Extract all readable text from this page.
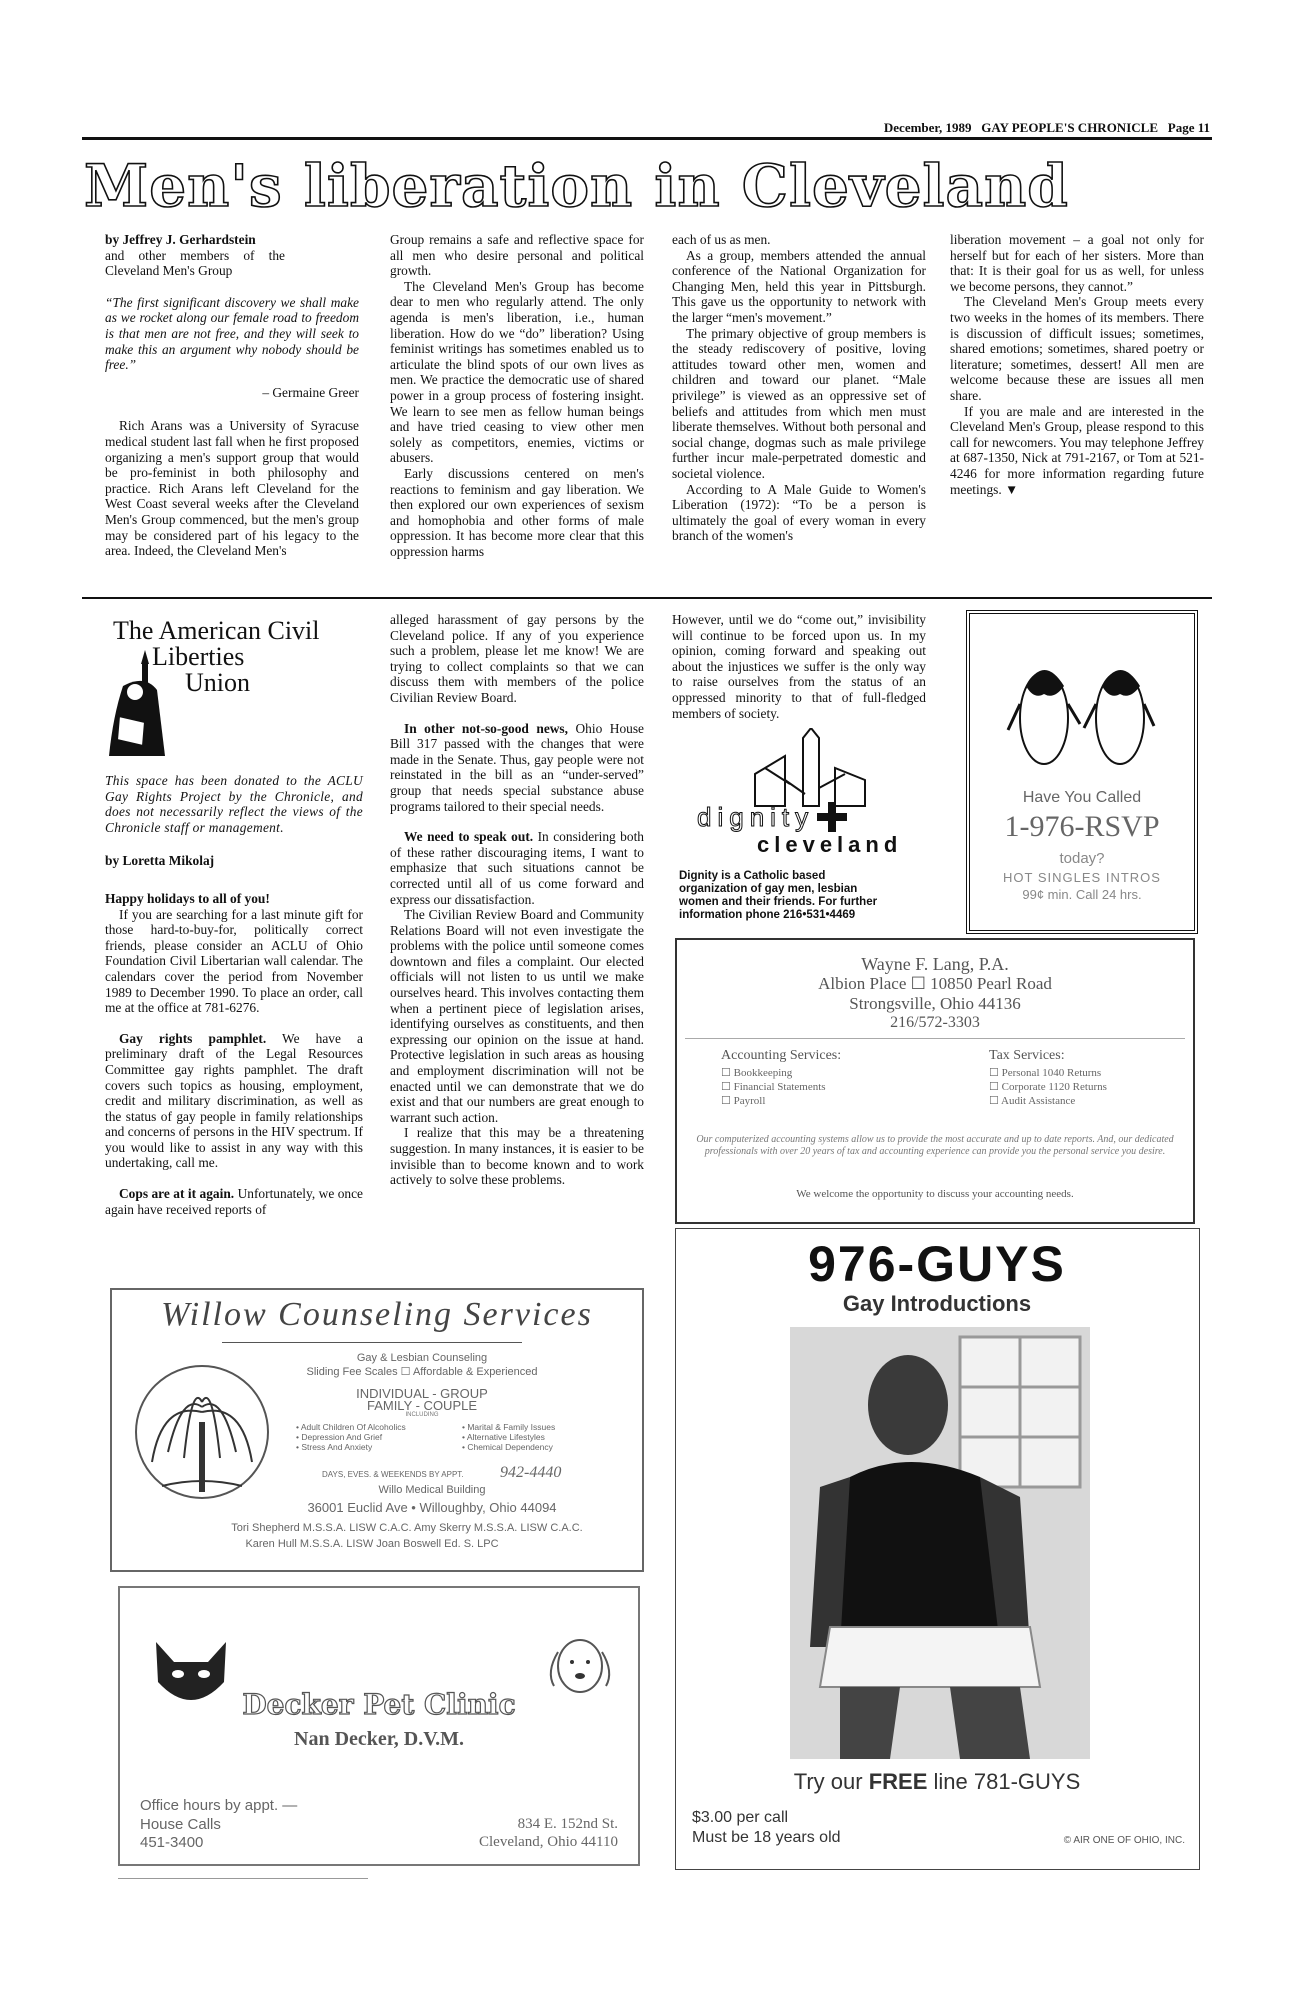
December, 1989 GAY PEOPLE'S CHRONICLE Page 11
Men's liberation in Cleveland

by Jeffrey J. Gerhardstein

and other members of the Cleveland Men's Group

“The first significant discovery we shall make as we rocket along our female road to freedom is that men are not free, and they will seek to make this an argument why nobody should be free.”

– Germaine Greer

Rich Arans was a University of Syracuse medical student last fall when he first proposed organizing a men's support group that would be pro-feminist in both philosophy and practice. Rich Arans left Cleveland for the West Coast several weeks after the Cleveland Men's Group commenced, but the men's group may be considered part of his legacy to the area. Indeed, the Cleveland Men's

Group remains a safe and reflective space for all men who desire personal and political growth.

The Cleveland Men's Group has become dear to men who regularly attend. The only agenda is men's liberation, i.e., human liberation. How do we “do” liberation? Using feminist writings has sometimes enabled us to articulate the blind spots of our own lives as men. We practice the democratic use of shared power in a group process of fostering insight. We learn to see men as fellow human beings and have tried ceasing to view other men solely as competitors, enemies, victims or abusers.

Early discussions centered on men's reactions to feminism and gay liberation. We then explored our own experiences of sexism and homophobia and other forms of male oppression. It has become more clear that this oppression harms

each of us as men.

As a group, members attended the annual conference of the National Organization for Changing Men, held this year in Pittsburgh. This gave us the opportunity to network with the larger “men's movement.”

The primary objective of group members is the steady rediscovery of positive, loving attitudes toward other men, women and children and toward our planet. “Male privilege” is viewed as an oppressive set of beliefs and attitudes from which men must liberate themselves. Without both personal and social change, dogmas such as male privilege further incur male-perpetrated domestic and societal violence.

According to A Male Guide to Women's Liberation (1972): “To be a person is ultimately the goal of every woman in every branch of the women's

liberation movement – a goal not only for herself but for each of her sisters. More than that: It is their goal for us as well, for unless we become persons, they cannot.”

The Cleveland Men's Group meets every two weeks in the homes of its members. There is discussion of difficult issues; sometimes, shared emotions; sometimes, shared poetry or literature; sometimes, dessert! All men are welcome because these are issues all men share.

If you are male and are interested in the Cleveland Men's Group, please respond to this call for newcomers. You may telephone Jeffrey at 687-1350, Nick at 791-2167, or Tom at 521-4246 for more information regarding future meetings. ▼

The American Civil
Liberties
Union

This space has been donated to the ACLU Gay Rights Project by the Chronicle, and does not necessarily reflect the views of the Chronicle staff or management.

by Loretta Mikolaj

Happy holidays to all of you!

If you are searching for a last minute gift for those hard-to-buy-for, politically correct friends, please consider an ACLU of Ohio Foundation Civil Libertarian wall calendar. The calendars cover the period from November 1989 to December 1990. To place an order, call me at the office at 781-6276.

Gay rights pamphlet. We have a preliminary draft of the Legal Resources Committee gay rights pamphlet. The draft covers such topics as housing, employment, credit and military discrimination, as well as the status of gay people in family relationships and concerns of persons in the HIV spectrum. If you would like to assist in any way with this undertaking, call me.

Cops are at it again. Unfortunately, we once again have received reports of

alleged harassment of gay persons by the Cleveland police. If any of you experience such a problem, please let me know! We are trying to collect complaints so that we can discuss them with members of the police Civilian Review Board.

In other not-so-good news, Ohio House Bill 317 passed with the changes that were made in the Senate. Thus, gay people were not reinstated in the bill as an “under-served” group that needs special substance abuse programs tailored to their special needs.

We need to speak out. In considering both of these rather discouraging items, I want to emphasize that such situations cannot be corrected until all of us come forward and express our dissatisfaction.

The Civilian Review Board and Community Relations Board will not even investigate the problems with the police until someone comes downtown and files a complaint. Our elected officials will not listen to us until we make ourselves heard. This involves contacting them when a pertinent piece of legislation arises, identifying ourselves as constituents, and then expressing our opinion on the issue at hand. Protective legislation in such areas as housing and employment discrimination will not be enacted until we can demonstrate that we do exist and that our numbers are great enough to warrant such action.

I realize that this may be a threatening suggestion. In many instances, it is easier to be invisible than to become known and to work actively to solve these problems.

However, until we do “come out,” invisibility will continue to be forced upon us. In my opinion, coming forward and speaking out about the injustices we suffer is the only way to raise ourselves from the status of an oppressed minority to that of full-fledged members of society.

dignity
cleveland
Dignity is a Catholic based organization of gay men, lesbian women and their friends. For further information phone 216•531•4469
Have You Called
1-976-RSVP
today?
HOT SINGLES INTROS
99¢ min. Call 24 hrs.
Wayne F. Lang, P.A.
Albion Place ☐ 10850 Pearl Road
Strongsville, Ohio 44136
216/572-3303
Accounting Services:
☐ Bookkeeping
☐ Financial Statements
☐ Payroll
Tax Services:
☐ Personal 1040 Returns
☐ Corporate 1120 Returns
☐ Audit Assistance
Our computerized accounting systems allow us to provide the most accurate and up to date reports. And, our dedicated professionals with over 20 years of tax and accounting experience can provide you the personal service you desire.
We welcome the opportunity to discuss your accounting needs.
976-GUYS
Gay Introductions
Try our FREE line 781-GUYS
$3.00 per call
Must be 18 years old	© AIR ONE OF OHIO, INC.
Willow Counseling Services
Gay & Lesbian Counseling
Sliding Fee Scales ☐ Affordable & Experienced
INDIVIDUAL - GROUP
FAMILY - COUPLE
INCLUDING
• Adult Children Of Alcoholics
• Depression And Grief
• Stress And Anxiety
• Marital & Family Issues
• Alternative Lifestyles
• Chemical Dependency
DAYS, EVES. & WEEKENDS BY APPT. 942-4440
Willo Medical Building
36001 Euclid Ave • Willoughby, Ohio 44094
Tori Shepherd M.S.S.A. LISW C.A.C. Amy Skerry M.S.S.A. LISW C.A.C.
Karen Hull M.S.S.A. LISW Joan Boswell Ed. S. LPC
Decker Pet Clinic
Nan Decker, D.V.M.
Office hours by appt. — House Calls
451-3400
834 E. 152nd St.
Cleveland, Ohio 44110
